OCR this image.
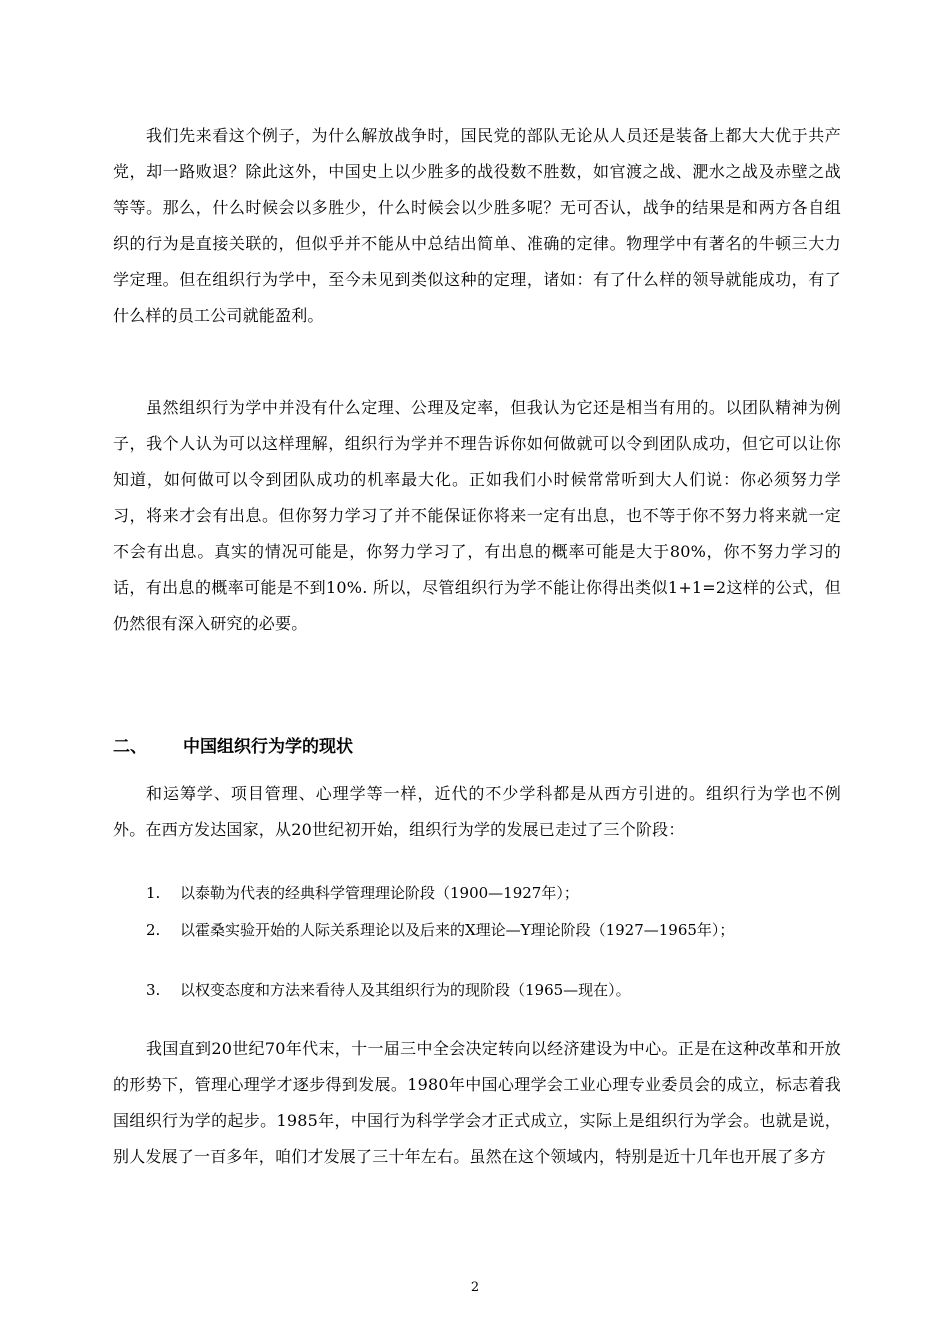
我们先来看这个例子，为什么解放战争时，国民党的部队无论从人员还是装备上都大大优于共产党，却一路败退？除此这外，中国史上以少胜多的战役数不胜数，如官渡之战、淝水之战及赤壁之战等等。那么，什么时候会以多胜少，什么时候会以少胜多呢？无可否认，战争的结果是和两方各自组织的行为是直接关联的，但似乎并不能从中总结出简单、准确的定律。物理学中有著名的牛顿三大力学定理。但在组织行为学中，至今未见到类似这种的定理，诸如：有了什么样的领导就能成功，有了什么样的员工公司就能盈利。

虽然组织行为学中并没有什么定理、公理及定率，但我认为它还是相当有用的。以团队精神为例子，我个人认为可以这样理解，组织行为学并不理告诉你如何做就可以令到团队成功，但它可以让你知道，如何做可以令到团队成功的机率最大化。正如我们小时候常常听到大人们说：你必须努力学习，将来才会有出息。但你努力学习了并不能保证你将来一定有出息，也不等于你不努力将来就一定不会有出息。真实的情况可能是，你努力学习了，有出息的概率可能是大于80%，你不努力学习的话，有出息的概率可能是不到10%. 所以，尽管组织行为学不能让你得出类似1+1=2这样的公式，但仍然很有深入研究的必要。

二、 中国组织行为学的现状

和运筹学、项目管理、心理学等一样，近代的不少学科都是从西方引进的。组织行为学也不例外。在西方发达国家，从20世纪初开始，组织行为学的发展已走过了三个阶段：

1. 以泰勒为代表的经典科学管理理论阶段（1900—1927年）；
2. 以霍桑实验开始的人际关系理论以及后来的X理论—Y理论阶段（1927—1965年）；
3. 以权变态度和方法来看待人及其组织行为的现阶段（1965—现在）。

我国直到20世纪70年代末，十一届三中全会决定转向以经济建设为中心。正是在这种改革和开放的形势下，管理心理学才逐步得到发展。1980年中国心理学会工业心理专业委员会的成立，标志着我国组织行为学的起步。1985年，中国行为科学学会才正式成立，实际上是组织行为学会。也就是说，别人发展了一百多年，咱们才发展了三十年左右。虽然在这个领域内，特别是近十几年也开展了多方

2
